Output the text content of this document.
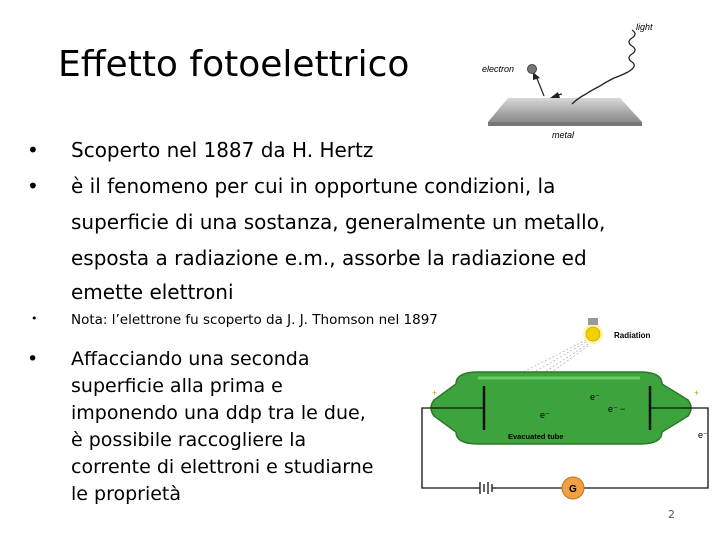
Effetto fotoelettrico
light
electron
metal
• Scoperto nel 1887 da H. Hertz
• è il fenomeno per cui in opportune condizioni, la
superficie di una sostanza, generalmente un metallo,
esposta a radiazione e.m., assorbe la radiazione ed
emette elettroni
• Nota: l’elettrone fu scoperto da J. J. Thomson nel 1897
Radiation
e⁻
e⁻
e⁻
Evacuated tube
+	+
−
e⁻
G
• Affacciando una seconda
superficie alla prima e
imponendo una ddp tra le due,
è possibile raccogliere la
corrente di elettroni e studiarne
le proprietà
2
